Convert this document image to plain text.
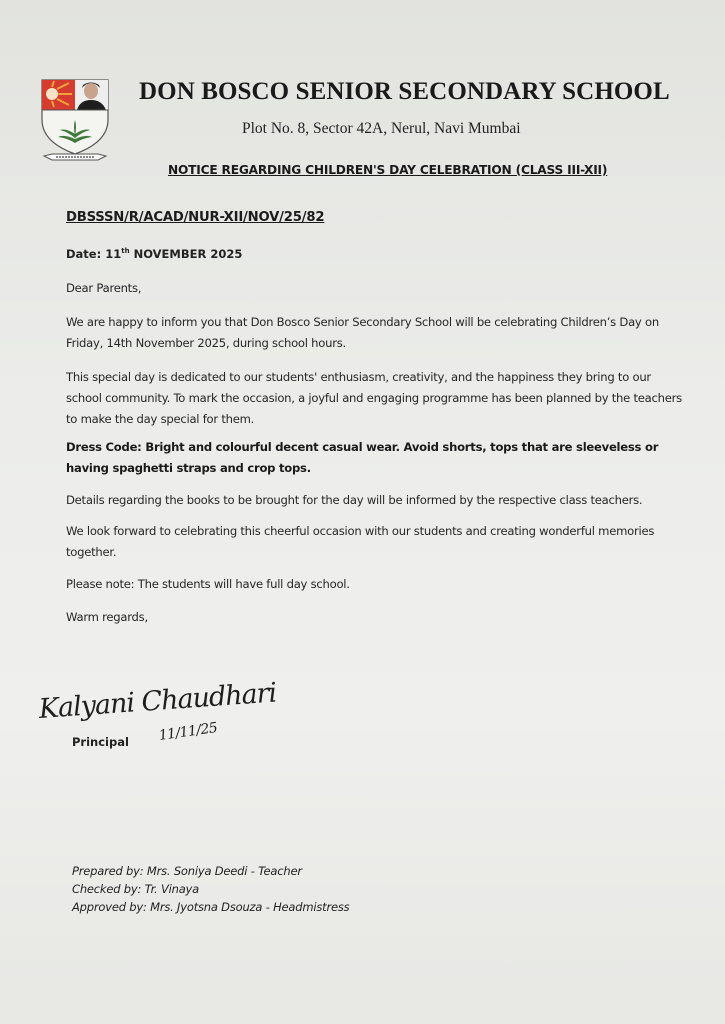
DON BOSCO SENIOR SECONDARY SCHOOL
Plot No. 8, Sector 42A, Nerul, Navi Mumbai
NOTICE REGARDING CHILDREN'S DAY CELEBRATION (CLASS III-XII)
DBSSSN/R/ACAD/NUR-XII/NOV/25/82
Date: 11th NOVEMBER 2025
Dear Parents,
We are happy to inform you that Don Bosco Senior Secondary School will be celebrating Children’s Day on Friday, 14th November 2025, during school hours.
This special day is dedicated to our students' enthusiasm, creativity, and the happiness they bring to our school community. To mark the occasion, a joyful and engaging programme has been planned by the teachers to make the day special for them.
Dress Code: Bright and colourful decent casual wear. Avoid shorts, tops that are sleeveless or having spaghetti straps and crop tops.
Details regarding the books to be brought for the day will be informed by the respective class teachers.
We look forward to celebrating this cheerful occasion with our students and creating wonderful memories together.
Please note: The students will have full day school.
Warm regards,
Kalyani Chaudhari
11/11/25
Principal
Prepared by: Mrs. Soniya Deedi - Teacher
Checked by: Tr. Vinaya
Approved by: Mrs. Jyotsna Dsouza - Headmistress
